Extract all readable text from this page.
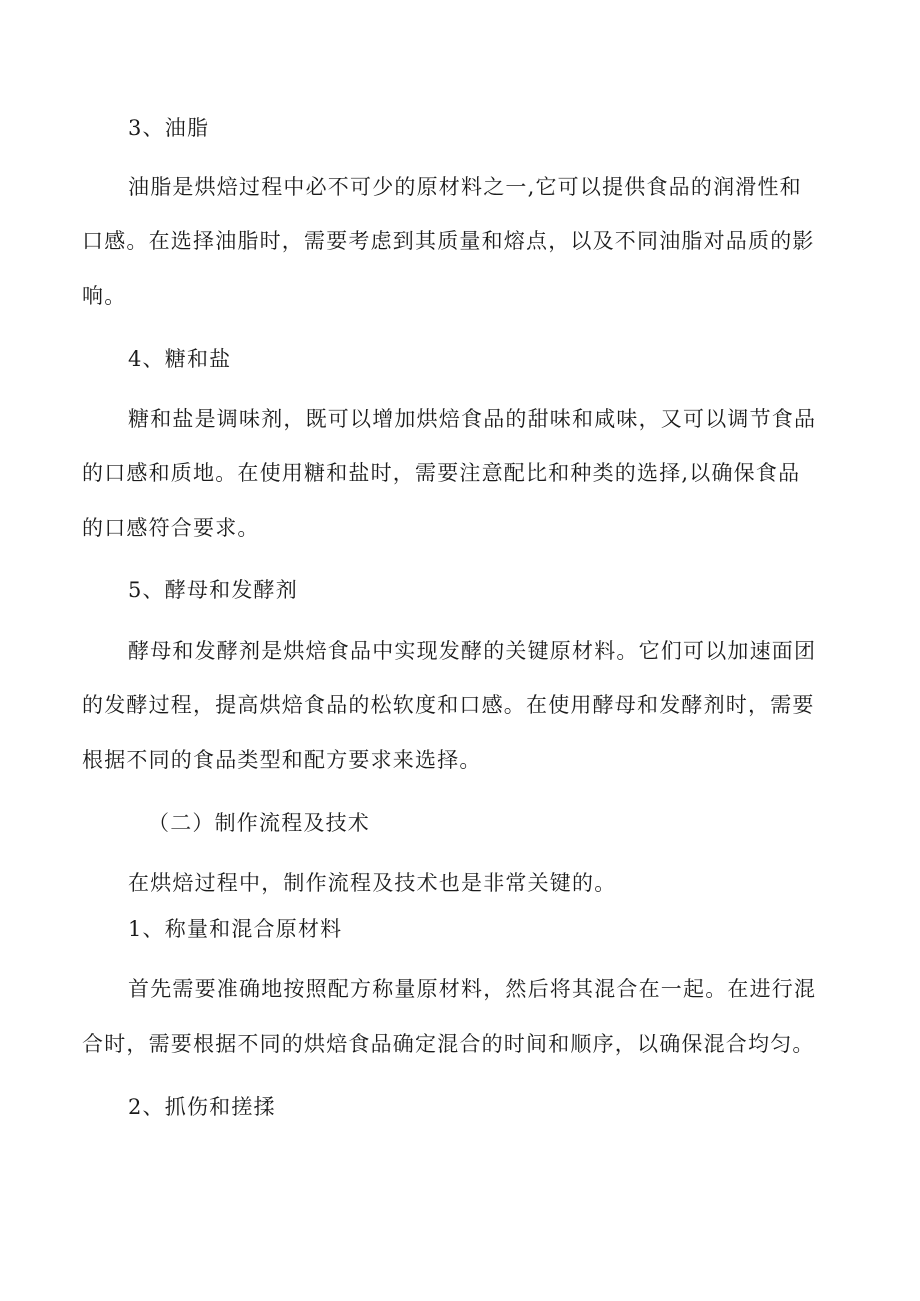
3、油脂
油脂是烘焙过程中必不可少的原材料之一,它可以提供食品的润滑性和
口感。在选择油脂时，需要考虑到其质量和熔点，以及不同油脂对品质的影
响。
4、糖和盐
糖和盐是调味剂，既可以增加烘焙食品的甜味和咸味，又可以调节食品
的口感和质地。在使用糖和盐时，需要注意配比和种类的选择,以确保食品
的口感符合要求。
5、酵母和发酵剂
酵母和发酵剂是烘焙食品中实现发酵的关键原材料。它们可以加速面团
的发酵过程，提高烘焙食品的松软度和口感。在使用酵母和发酵剂时，需要
根据不同的食品类型和配方要求来选择。
（二）制作流程及技术
在烘焙过程中，制作流程及技术也是非常关键的。
1、称量和混合原材料
首先需要准确地按照配方称量原材料，然后将其混合在一起。在进行混
合时，需要根据不同的烘焙食品确定混合的时间和顺序，以确保混合均匀。
2、抓伤和搓揉
